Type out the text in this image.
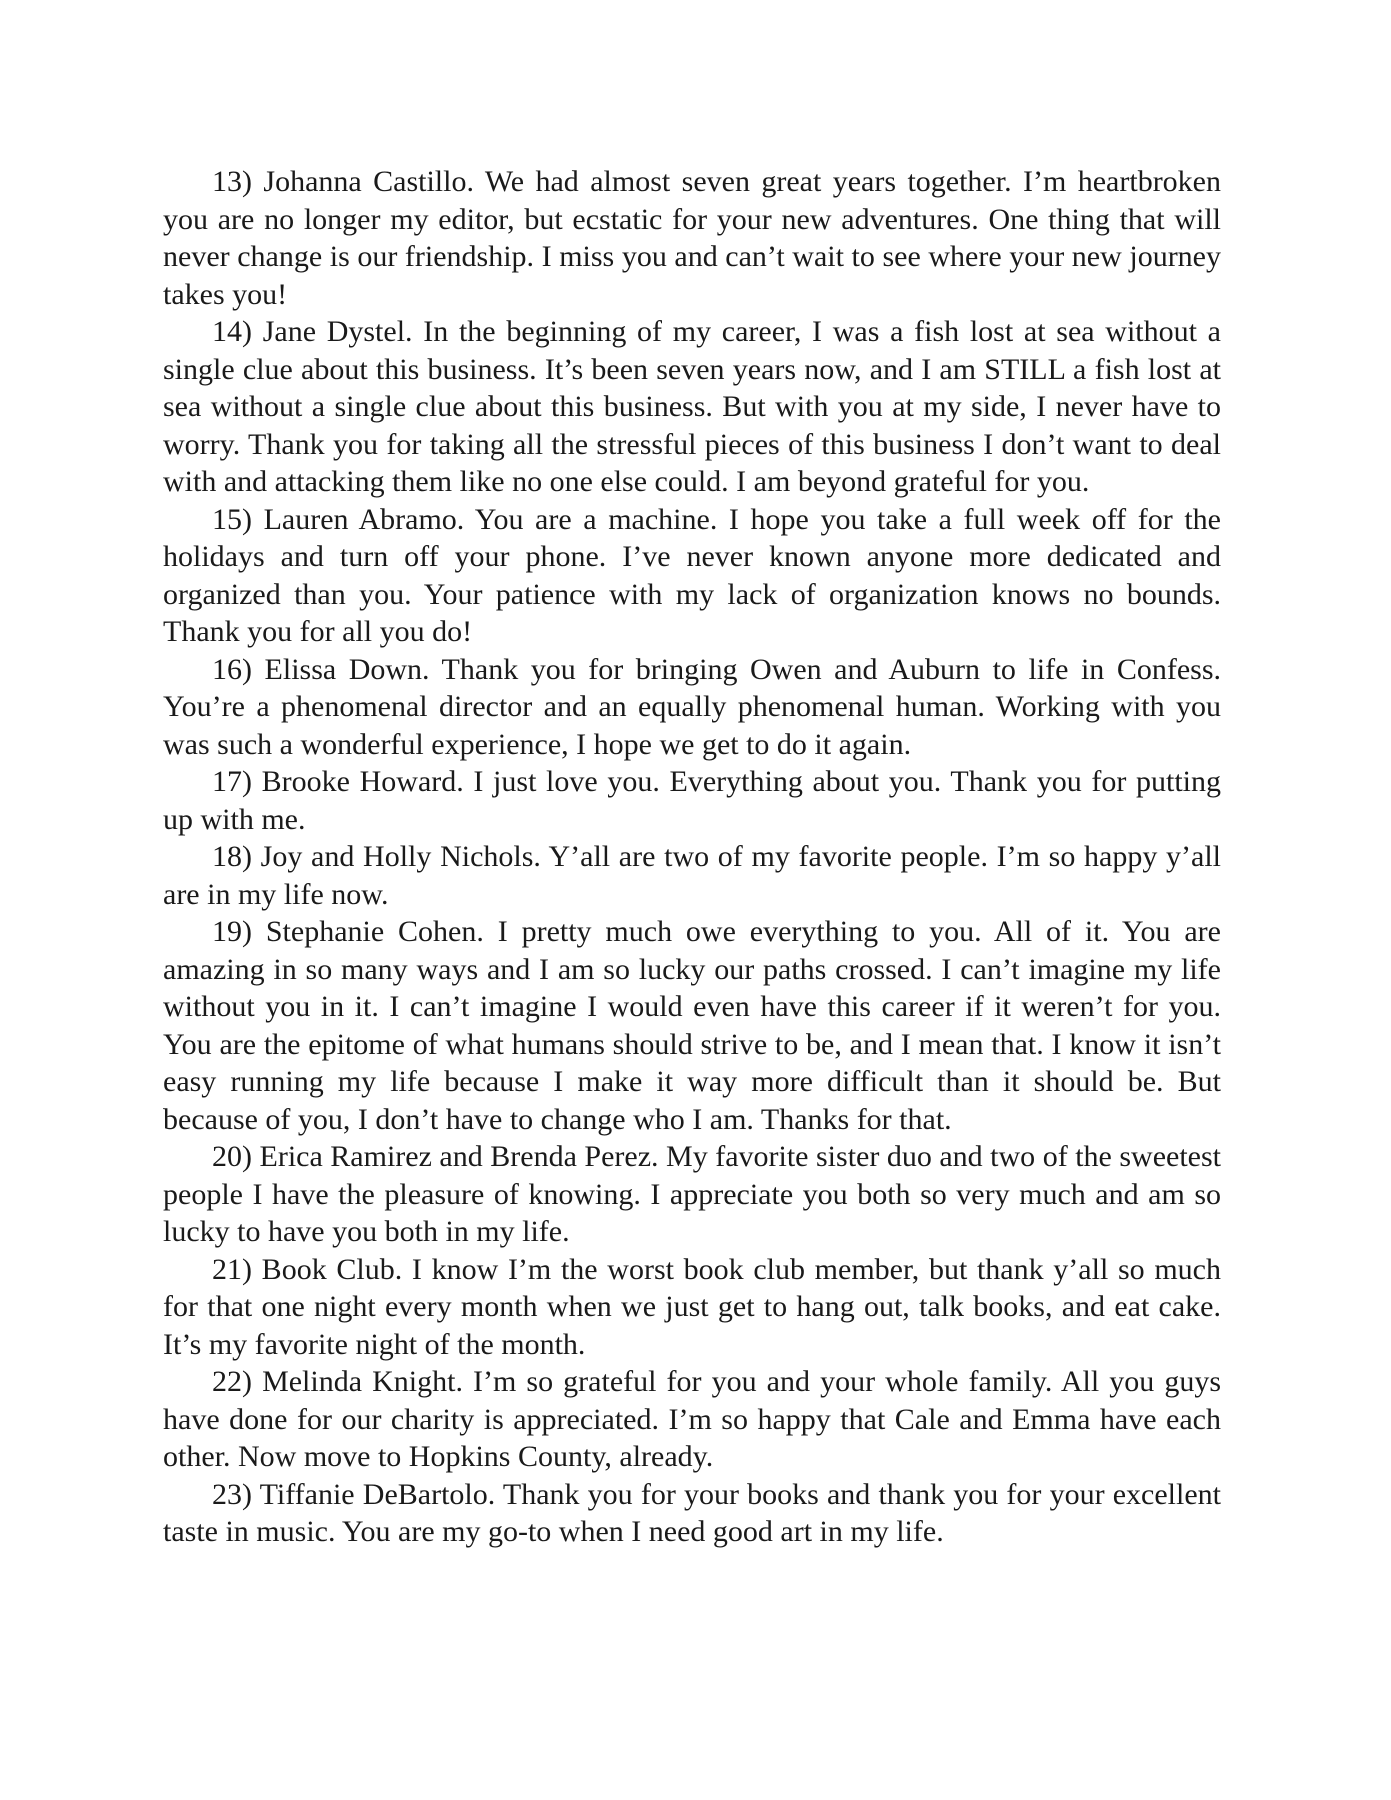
13) Johanna Castillo. We had almost seven great years together. I’m heartbroken you are no longer my editor, but ecstatic for your new adventures. One thing that will never change is our friendship. I miss you and can’t wait to see where your new journey takes you!

14) Jane Dystel. In the beginning of my career, I was a fish lost at sea without a single clue about this business. It’s been seven years now, and I am STILL a fish lost at sea without a single clue about this business. But with you at my side, I never have to worry. Thank you for taking all the stressful pieces of this business I don’t want to deal with and attacking them like no one else could. I am beyond grateful for you.

15) Lauren Abramo. You are a machine. I hope you take a full week off for the holidays and turn off your phone. I’ve never known anyone more dedicated and organized than you. Your patience with my lack of organization knows no bounds. Thank you for all you do!

16) Elissa Down. Thank you for bringing Owen and Auburn to life in Confess. You’re a phenomenal director and an equally phenomenal human. Working with you was such a wonderful experience, I hope we get to do it again.

17) Brooke Howard. I just love you. Everything about you. Thank you for putting up with me.

18) Joy and Holly Nichols. Y’all are two of my favorite people. I’m so happy y’all are in my life now.

19) Stephanie Cohen. I pretty much owe everything to you. All of it. You are amazing in so many ways and I am so lucky our paths crossed. I can’t imagine my life without you in it. I can’t imagine I would even have this career if it weren’t for you. You are the epitome of what humans should strive to be, and I mean that. I know it isn’t easy running my life because I make it way more difficult than it should be. But because of you, I don’t have to change who I am. Thanks for that.

20) Erica Ramirez and Brenda Perez. My favorite sister duo and two of the sweetest people I have the pleasure of knowing. I appreciate you both so very much and am so lucky to have you both in my life.

21) Book Club. I know I’m the worst book club member, but thank y’all so much for that one night every month when we just get to hang out, talk books, and eat cake. It’s my favorite night of the month.

22) Melinda Knight. I’m so grateful for you and your whole family. All you guys have done for our charity is appreciated. I’m so happy that Cale and Emma have each other. Now move to Hopkins County, already.

23) Tiffanie DeBartolo. Thank you for your books and thank you for your excellent taste in music. You are my go-to when I need good art in my life.
